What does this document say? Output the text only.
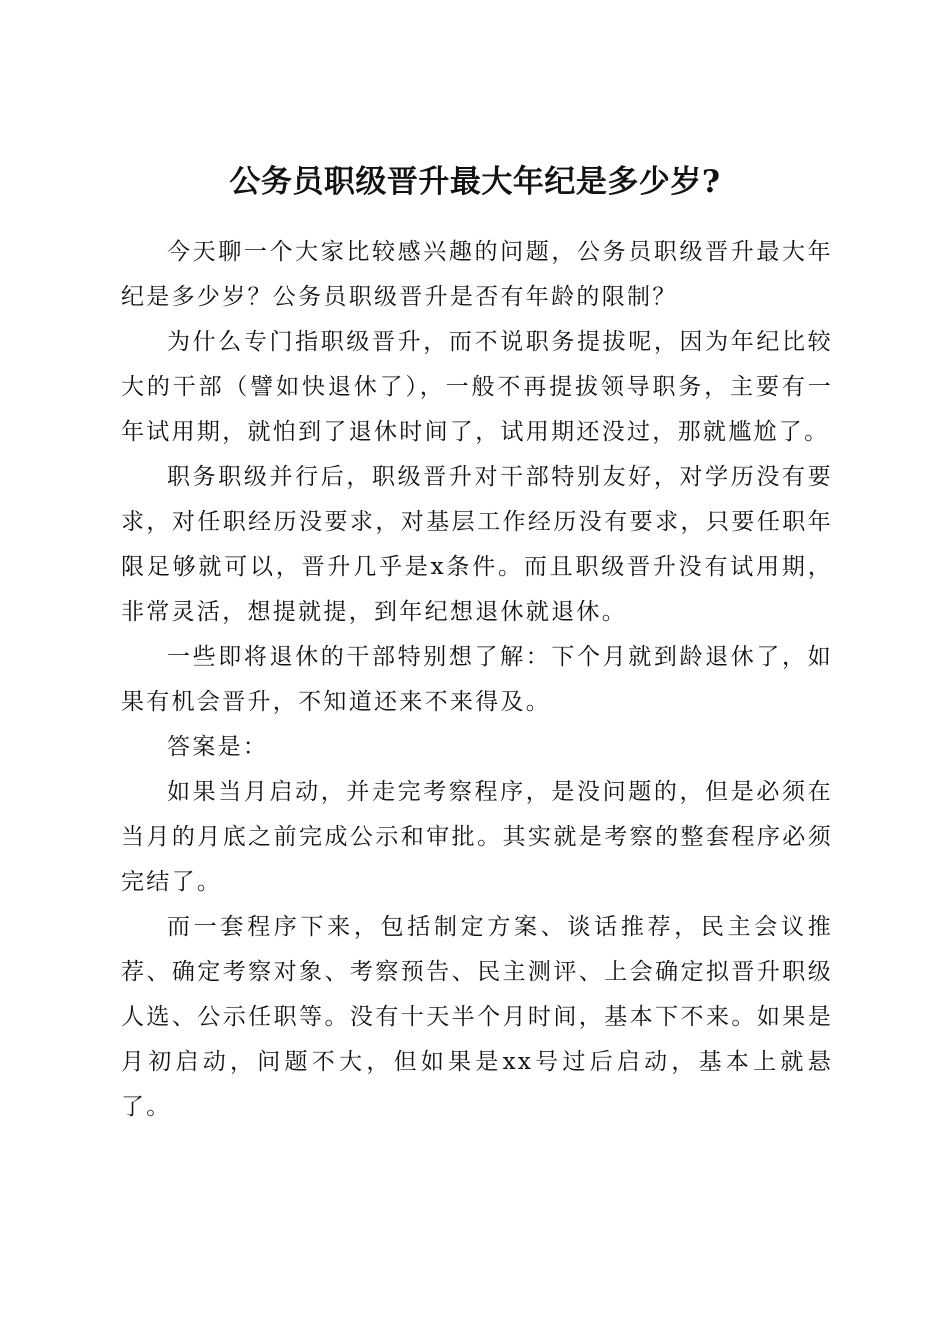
公务员职级晋升最大年纪是多少岁?

今天聊一个大家比较感兴趣的问题，公务员职级晋升最大年纪是多少岁？公务员职级晋升是否有年龄的限制？

为什么专门指职级晋升，而不说职务提拔呢，因为年纪比较大的干部（譬如快退休了），一般不再提拔领导职务，主要有一年试用期，就怕到了退休时间了，试用期还没过，那就尴尬了。

职务职级并行后，职级晋升对干部特别友好，对学历没有要求，对任职经历没要求，对基层工作经历没有要求，只要任职年限足够就可以，晋升几乎是x条件。而且职级晋升没有试用期，非常灵活，想提就提，到年纪想退休就退休。

一些即将退休的干部特别想了解：下个月就到龄退休了，如果有机会晋升，不知道还来不来得及。

答案是：

如果当月启动，并走完考察程序，是没问题的，但是必须在当月的月底之前完成公示和审批。其实就是考察的整套程序必须完结了。

而一套程序下来，包括制定方案、谈话推荐，民主会议推荐、确定考察对象、考察预告、民主测评、上会确定拟晋升职级人选、公示任职等。没有十天半个月时间，基本下不来。如果是月初启动，问题不大，但如果是xx号过后启动，基本上就悬了。
